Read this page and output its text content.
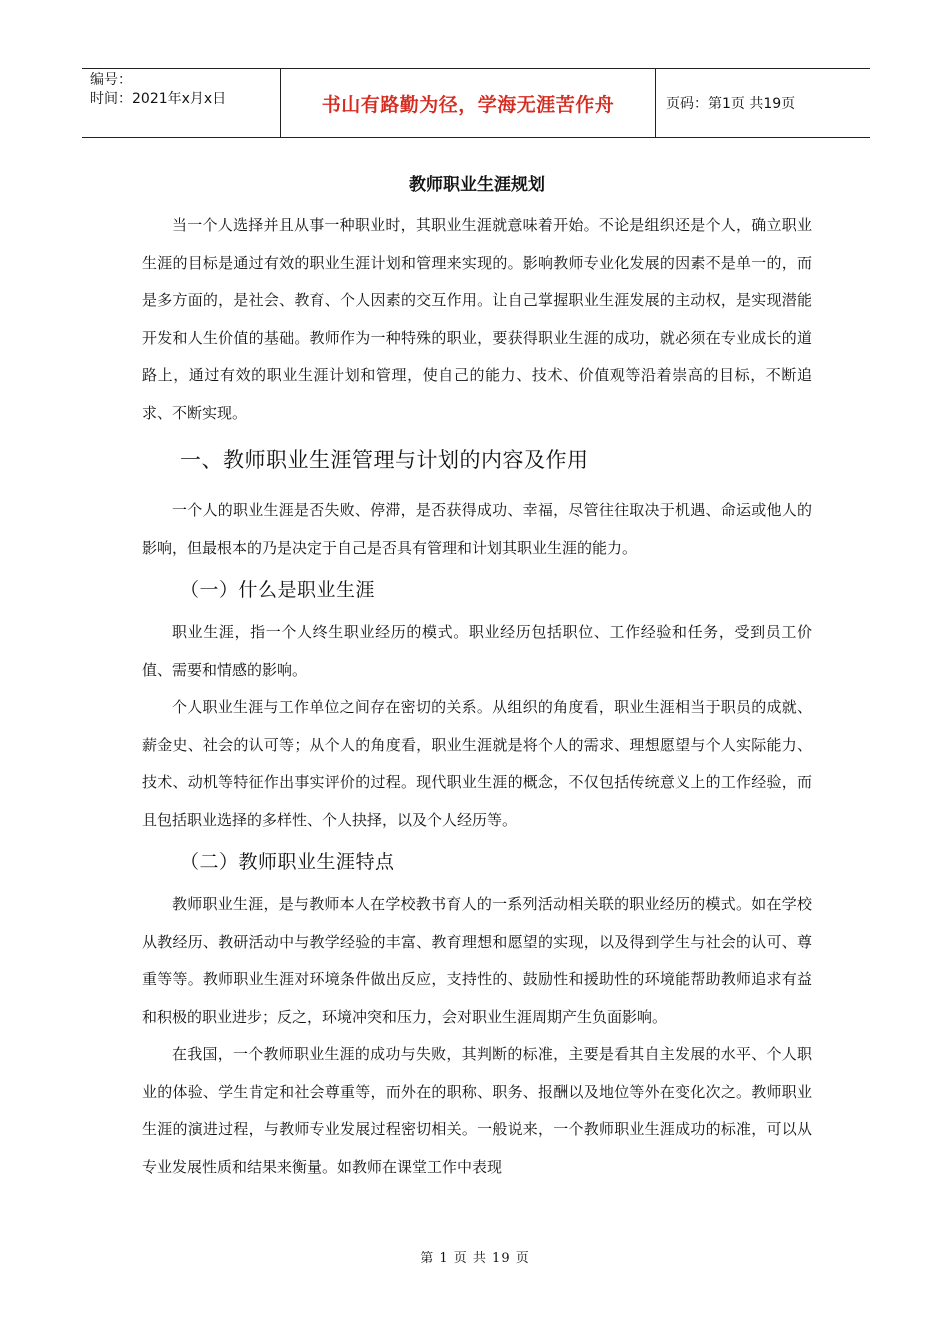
编号：
时间：2021年x月x日	书山有路勤为径，学海无涯苦作舟	页码：第1页 共19页
教师职业生涯规划

当一个人选择并且从事一种职业时，其职业生涯就意味着开始。不论是组织还是个人，确立职业生涯的目标是通过有效的职业生涯计划和管理来实现的。影响教师专业化发展的因素不是单一的，而是多方面的，是社会、教育、个人因素的交互作用。让自己掌握职业生涯发展的主动权，是实现潜能开发和人生价值的基础。教师作为一种特殊的职业，要获得职业生涯的成功，就必须在专业成长的道路上，通过有效的职业生涯计划和管理，使自己的能力、技术、价值观等沿着崇高的目标，不断追求、不断实现。

一、教师职业生涯管理与计划的内容及作用

一个人的职业生涯是否失败、停滞，是否获得成功、幸福，尽管往往取决于机遇、命运或他人的影响，但最根本的乃是决定于自己是否具有管理和计划其职业生涯的能力。

（一）什么是职业生涯

职业生涯，指一个人终生职业经历的模式。职业经历包括职位、工作经验和任务，受到员工价值、需要和情感的影响。

个人职业生涯与工作单位之间存在密切的关系。从组织的角度看，职业生涯相当于职员的成就、薪金史、社会的认可等；从个人的角度看，职业生涯就是将个人的需求、理想愿望与个人实际能力、技术、动机等特征作出事实评价的过程。现代职业生涯的概念，不仅包括传统意义上的工作经验，而且包括职业选择的多样性、个人抉择，以及个人经历等。

（二）教师职业生涯特点

教师职业生涯，是与教师本人在学校教书育人的一系列活动相关联的职业经历的模式。如在学校从教经历、教研活动中与教学经验的丰富、教育理想和愿望的实现，以及得到学生与社会的认可、尊重等等。教师职业生涯对环境条件做出反应，支持性的、鼓励性和援助性的环境能帮助教师追求有益和积极的职业进步；反之，环境冲突和压力，会对职业生涯周期产生负面影响。

在我国，一个教师职业生涯的成功与失败，其判断的标准，主要是看其自主发展的水平、个人职业的体验、学生肯定和社会尊重等，而外在的职称、职务、报酬以及地位等外在变化次之。教师职业生涯的演进过程，与教师专业发展过程密切相关。一般说来，一个教师职业生涯成功的标准，可以从专业发展性质和结果来衡量。如教师在课堂工作中表现

第 1 页 共 19 页
